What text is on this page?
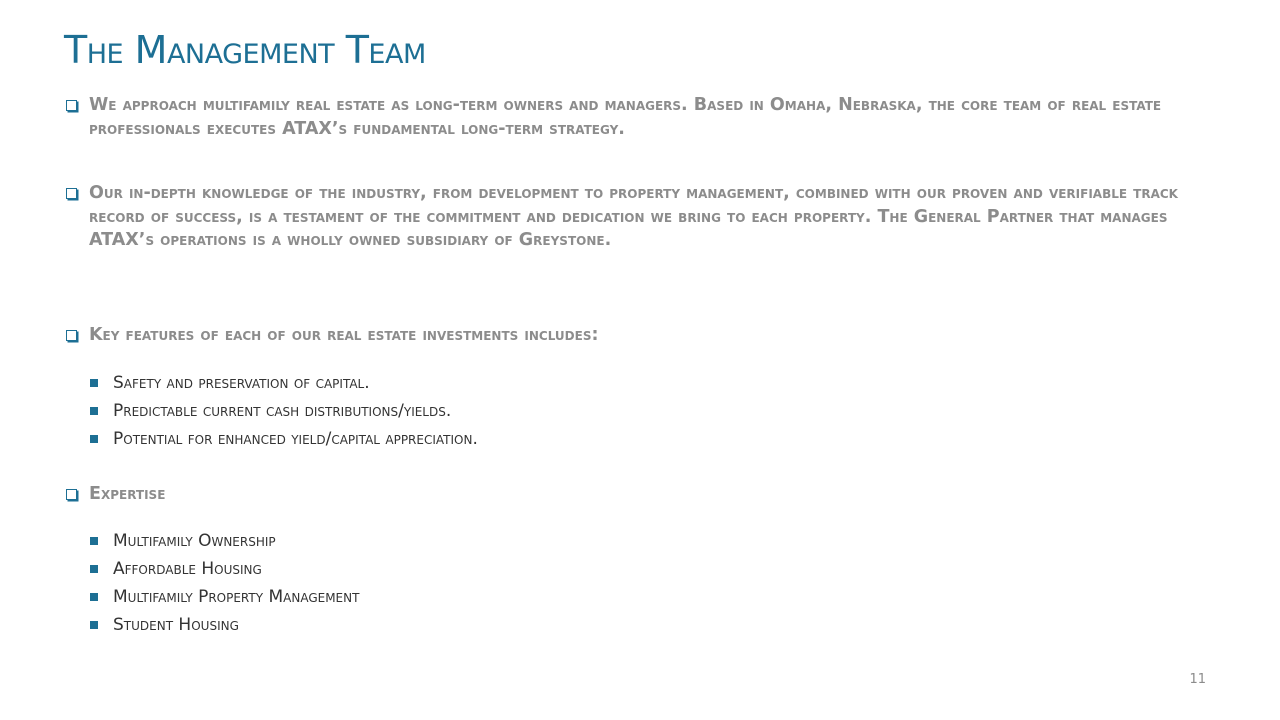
The Management Team
We approach multifamily real estate as long-term owners and managers. Based in Omaha, Nebraska, the core team of real estate professionals executes ATAX’s fundamental long-term strategy.
Our in-depth knowledge of the industry, from development to property management, combined with our proven and verifiable track record of success, is a testament of the commitment and dedication we bring to each property. The General Partner that manages ATAX’s operations is a wholly owned subsidiary of Greystone.
Key features of each of our real estate investments includes:
Safety and preservation of capital.
Predictable current cash distributions/yields.
Potential for enhanced yield/capital appreciation.
Expertise
Multifamily Ownership
Affordable Housing
Multifamily Property Management
Student Housing
11
